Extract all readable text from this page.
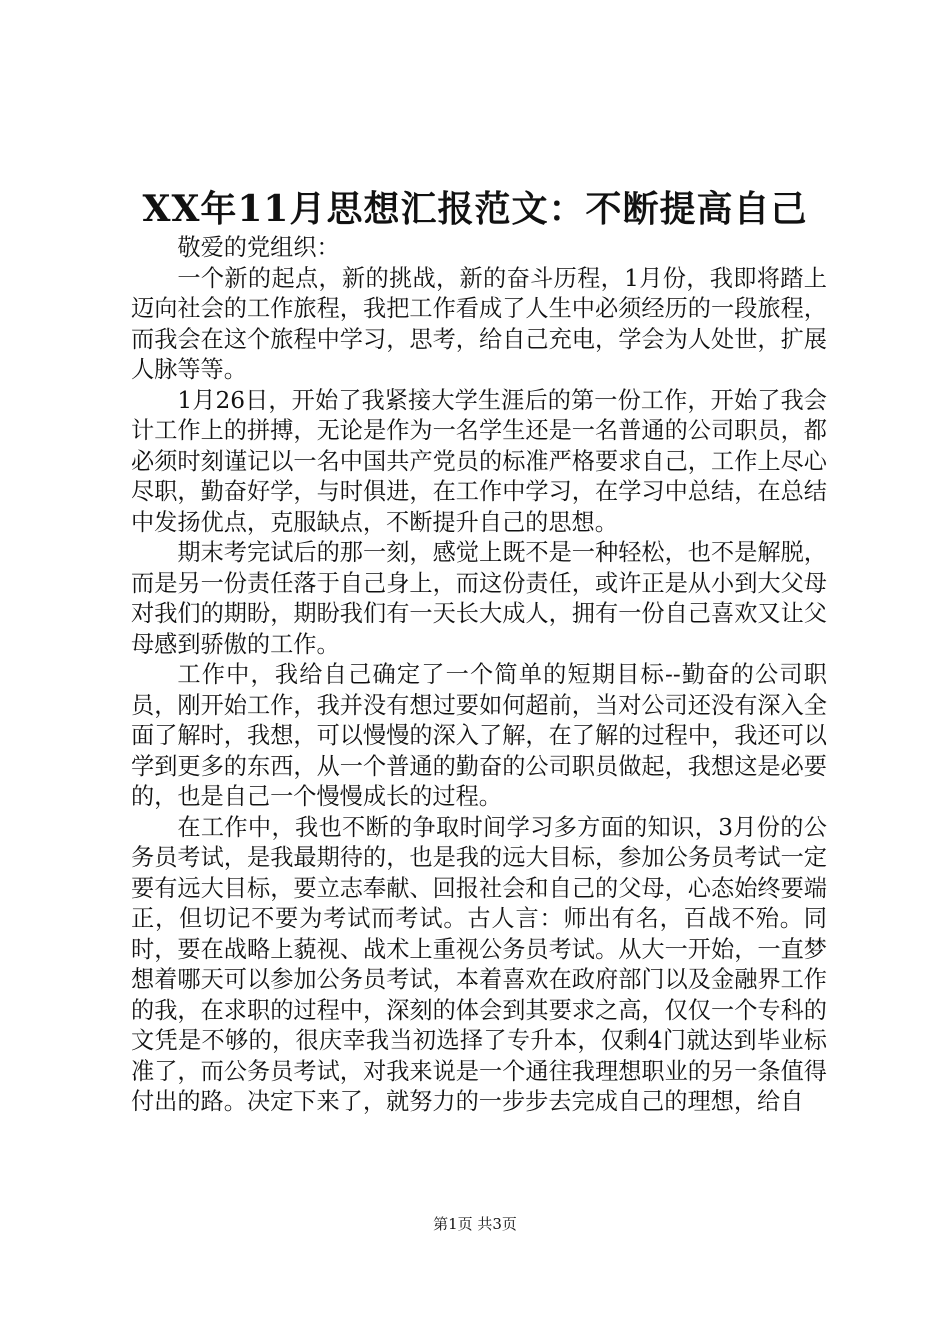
XX年11月思想汇报范文：不断提高自己

敬爱的党组织：

一个新的起点，新的挑战，新的奋斗历程，1月份，我即将踏上迈向社会的工作旅程，我把工作看成了人生中必须经历的一段旅程，而我会在这个旅程中学习，思考，给自己充电，学会为人处世，扩展人脉等等。

1月26日，开始了我紧接大学生涯后的第一份工作，开始了我会计工作上的拼搏，无论是作为一名学生还是一名普通的公司职员，都必须时刻谨记以一名中国共产党员的标准严格要求自己，工作上尽心尽职，勤奋好学，与时俱进，在工作中学习，在学习中总结，在总结中发扬优点，克服缺点，不断提升自己的思想。

期末考完试后的那一刻，感觉上既不是一种轻松，也不是解脱，而是另一份责任落于自己身上，而这份责任，或许正是从小到大父母对我们的期盼，期盼我们有一天长大成人，拥有一份自己喜欢又让父母感到骄傲的工作。

工作中，我给自己确定了一个简单的短期目标--勤奋的公司职员，刚开始工作，我并没有想过要如何超前，当对公司还没有深入全面了解时，我想，可以慢慢的深入了解，在了解的过程中，我还可以学到更多的东西，从一个普通的勤奋的公司职员做起，我想这是必要的，也是自己一个慢慢成长的过程。

在工作中，我也不断的争取时间学习多方面的知识，3月份的公务员考试，是我最期待的，也是我的远大目标，参加公务员考试一定要有远大目标，要立志奉献、回报社会和自己的父母，心态始终要端正，但切记不要为考试而考试。古人言：师出有名，百战不殆。同时，要在战略上藐视、战术上重视公务员考试。从大一开始，一直梦想着哪天可以参加公务员考试，本着喜欢在政府部门以及金融界工作的我，在求职的过程中，深刻的体会到其要求之高，仅仅一个专科的文凭是不够的，很庆幸我当初选择了专升本，仅剩4门就达到毕业标准了，而公务员考试，对我来说是一个通往我理想职业的另一条值得付出的路。决定下来了，就努力的一步步去完成自己的理想，给自

第1页 共3页
